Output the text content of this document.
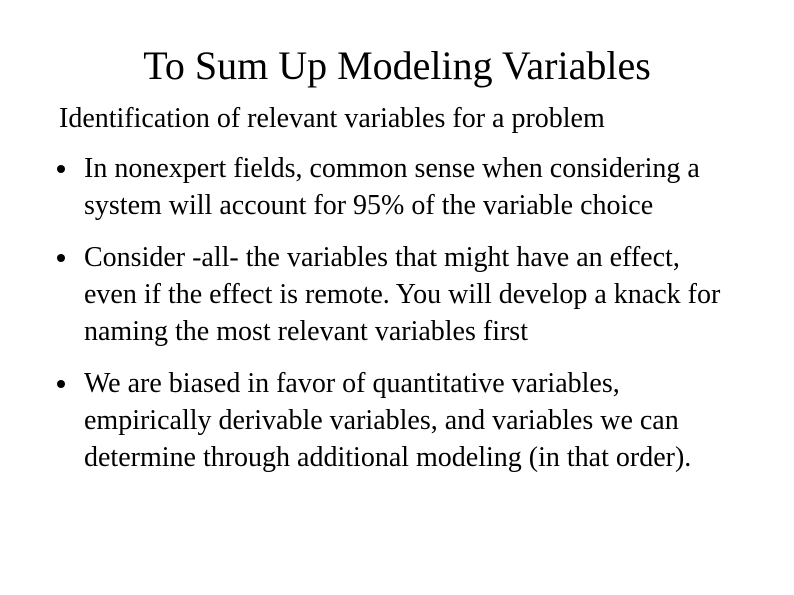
To Sum Up Modeling Variables
Identification of relevant variables for a problem
In nonexpert fields, common sense when considering a system will account for 95% of the variable choice
Consider -all- the variables that might have an effect, even if the effect is remote. You will develop a knack for naming the most relevant variables first
We are biased in favor of quantitative variables, empirically derivable variables, and variables we can determine through additional modeling (in that order).
